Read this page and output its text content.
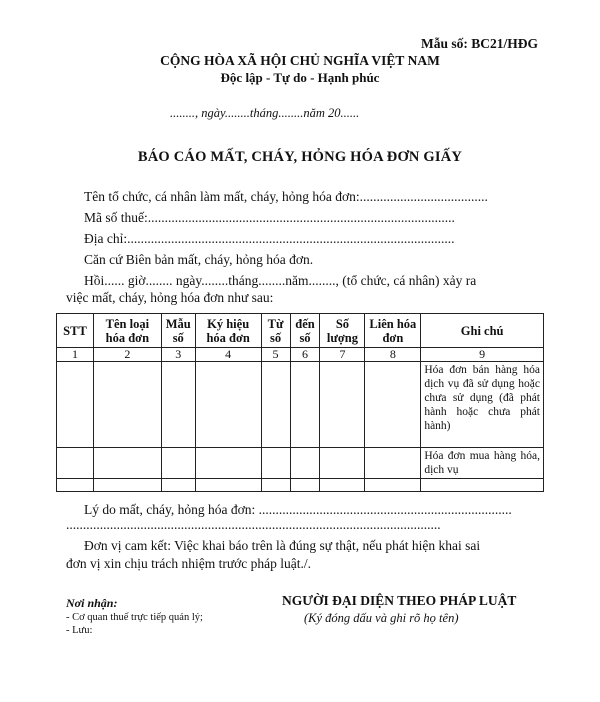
Mẫu số: BC21/HĐG
CỘNG HÒA XÃ HỘI CHỦ NGHĨA VIỆT NAM
Độc lập - Tự do - Hạnh phúc
........, ngày........tháng........năm 20......
BÁO CÁO MẤT, CHÁY, HỎNG HÓA ĐƠN GIẤY
Tên tổ chức, cá nhân làm mất, cháy, hỏng hóa đơn:......................................
Mã số thuế:...........................................................................................
Địa chỉ:.................................................................................................
Căn cứ Biên bản mất, cháy, hỏng hóa đơn.
Hồi...... giờ........ ngày........tháng........năm........, (tổ chức, cá nhân) xảy ra
việc mất, cháy, hỏng hóa đơn như sau:
STT	Tên loại hóa đơn	Mẫu số	Ký hiệu hóa đơn	Từ số	đến số	Số lượng	Liên hóa đơn	Ghi chú
1	2	3	4	5	6	7	8	9
								Hóa đơn bán hàng hóa dịch vụ đã sử dụng hoặc chưa sử dụng (đã phát hành hoặc chưa phát hành)
								Hóa đơn mua hàng hóa, dịch vụ

Lý do mất, cháy, hỏng hóa đơn: ...........................................................................
...............................................................................................................
Đơn vị cam kết: Việc khai báo trên là đúng sự thật, nếu phát hiện khai sai
đơn vị xin chịu trách nhiệm trước pháp luật./.
Nơi nhận:
- Cơ quan thuế trực tiếp quản lý;
- Lưu:
NGƯỜI ĐẠI DIỆN THEO PHÁP LUẬT
(Ký đóng dấu và ghi rõ họ tên)
